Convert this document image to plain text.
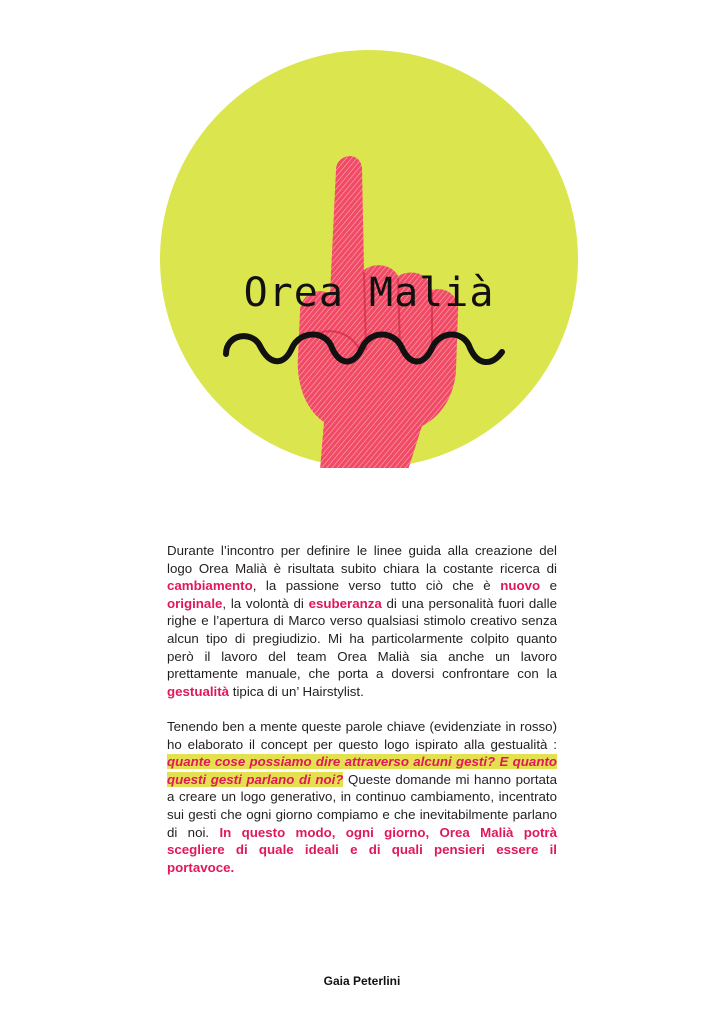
Orea Malià

Durante l’incontro per definire le linee guida alla creazione del logo Orea Malià è risultata subito chiara la costante ricerca di cambiamento, la passione verso tutto ciò che è nuovo e originale, la volontà di esuberanza di una personalità fuori dalle righe e l’apertura di Marco verso qualsiasi stimolo creativo senza alcun tipo di pregiudizio. Mi ha particolarmente colpito quanto però il lavoro del team Orea Malià sia anche un lavoro prettamente manuale, che porta a doversi confrontare con la gestualità tipica di un’ Hairstylist.

Tenendo ben a mente queste parole chiave (evidenziate in rosso) ho elaborato il concept per questo logo ispirato alla gestualità : quante cose possiamo dire attraverso alcuni gesti? E quanto questi gesti parlano di noi? Queste domande mi hanno portata a creare un logo generativo, in continuo cambiamento, incentrato sui gesti che ogni giorno compiamo e che inevitabilmente parlano di noi. In questo modo, ogni giorno, Orea Malià potrà scegliere di quale ideali e di quali pensieri essere il portavoce.

Gaia Peterlini
